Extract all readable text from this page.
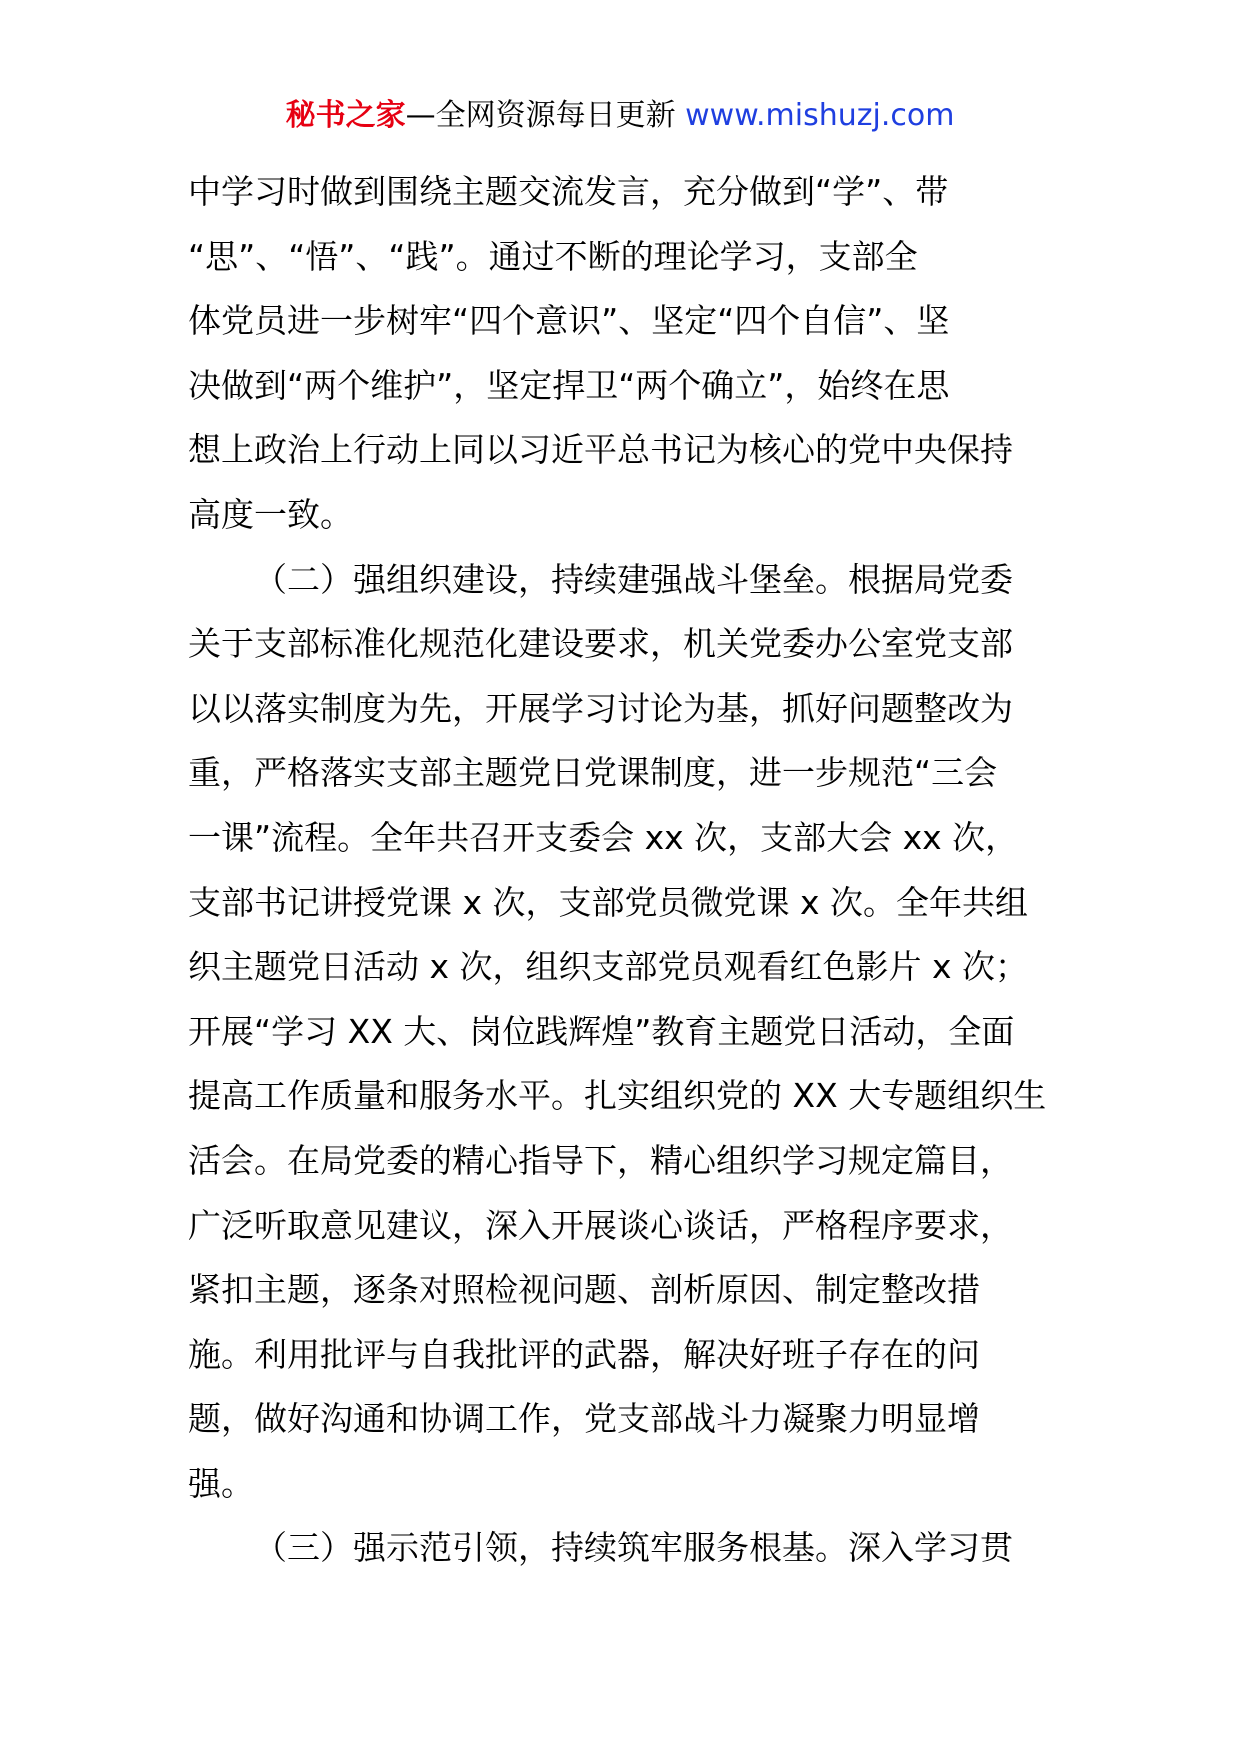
秘书之家—全网资源每日更新 www.mishuzj.com
中学习时做到围绕主题交流发言，充分做到“学”、带
“思”、“悟”、“践”。通过不断的理论学习，支部全
体党员进一步树牢“四个意识”、坚定“四个自信”、坚
决做到“两个维护”，坚定捍卫“两个确立”，始终在思
想上政治上行动上同以习近平总书记为核心的党中央保持
高度一致。
（二）强组织建设，持续建强战斗堡垒。根据局党委
关于支部标准化规范化建设要求，机关党委办公室党支部
以以落实制度为先，开展学习讨论为基，抓好问题整改为
重，严格落实支部主题党日党课制度，进一步规范“三会
一课”流程。全年共召开支委会 xx 次，支部大会 xx 次，
支部书记讲授党课 x 次，支部党员微党课 x 次。全年共组
织主题党日活动 x 次，组织支部党员观看红色影片 x 次；
开展“学习 XX 大、岗位践辉煌”教育主题党日活动，全面
提高工作质量和服务水平。扎实组织党的 XX 大专题组织生
活会。在局党委的精心指导下，精心组织学习规定篇目，
广泛听取意见建议，深入开展谈心谈话，严格程序要求，
紧扣主题，逐条对照检视问题、剖析原因、制定整改措
施。利用批评与自我批评的武器，解决好班子存在的问
题，做好沟通和协调工作，党支部战斗力凝聚力明显增
强。
（三）强示范引领，持续筑牢服务根基。深入学习贯
